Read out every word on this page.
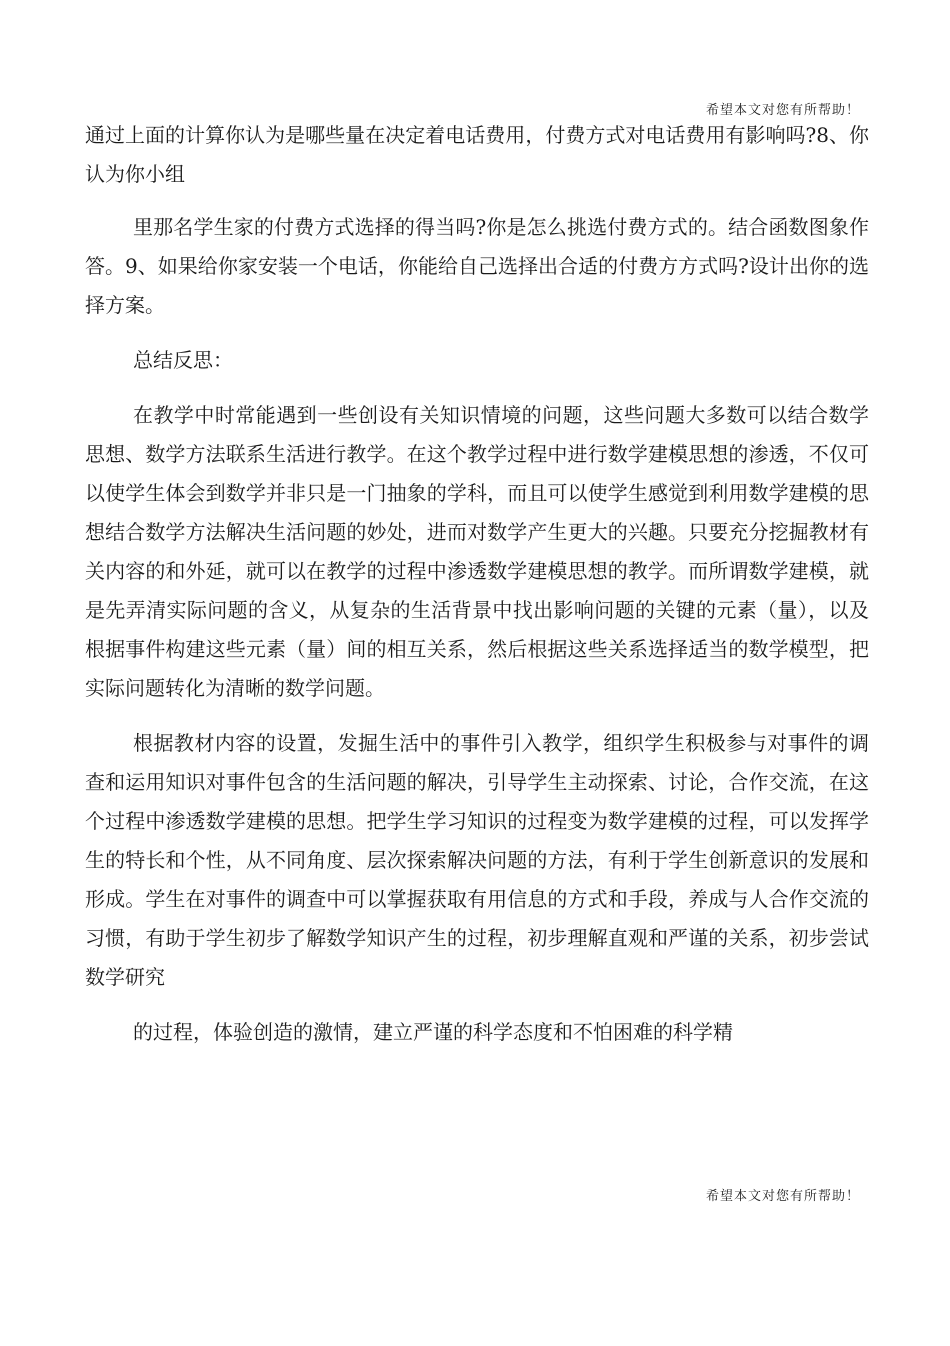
希望本文对您有所帮助！

通过上面的计算你认为是哪些量在决定着电话费用，付费方式对电话费用有影响吗?8、你认为你小组

里那名学生家的付费方式选择的得当吗?你是怎么挑选付费方式的。结合函数图象作答。9、如果给你家安装一个电话，你能给自己选择出合适的付费方方式吗?设计出你的选择方案。

总结反思：

在教学中时常能遇到一些创设有关知识情境的问题，这些问题大多数可以结合数学思想、数学方法联系生活进行教学。在这个教学过程中进行数学建模思想的渗透，不仅可以使学生体会到数学并非只是一门抽象的学科，而且可以使学生感觉到利用数学建模的思想结合数学方法解决生活问题的妙处，进而对数学产生更大的兴趣。只要充分挖掘教材有关内容的和外延，就可以在教学的过程中渗透数学建模思想的教学。而所谓数学建模，就是先弄清实际问题的含义，从复杂的生活背景中找出影响问题的关键的元素（量），以及根据事件构建这些元素（量）间的相互关系，然后根据这些关系选择适当的数学模型，把实际问题转化为清晰的数学问题。

根据教材内容的设置，发掘生活中的事件引入教学，组织学生积极参与对事件的调查和运用知识对事件包含的生活问题的解决，引导学生主动探索、讨论，合作交流，在这个过程中渗透数学建模的思想。把学生学习知识的过程变为数学建模的过程，可以发挥学生的特长和个性，从不同角度、层次探索解决问题的方法，有利于学生创新意识的发展和形成。学生在对事件的调查中可以掌握获取有用信息的方式和手段，养成与人合作交流的习惯，有助于学生初步了解数学知识产生的过程，初步理解直观和严谨的关系，初步尝试数学研究

的过程，体验创造的激情，建立严谨的科学态度和不怕困难的科学精

希望本文对您有所帮助！
